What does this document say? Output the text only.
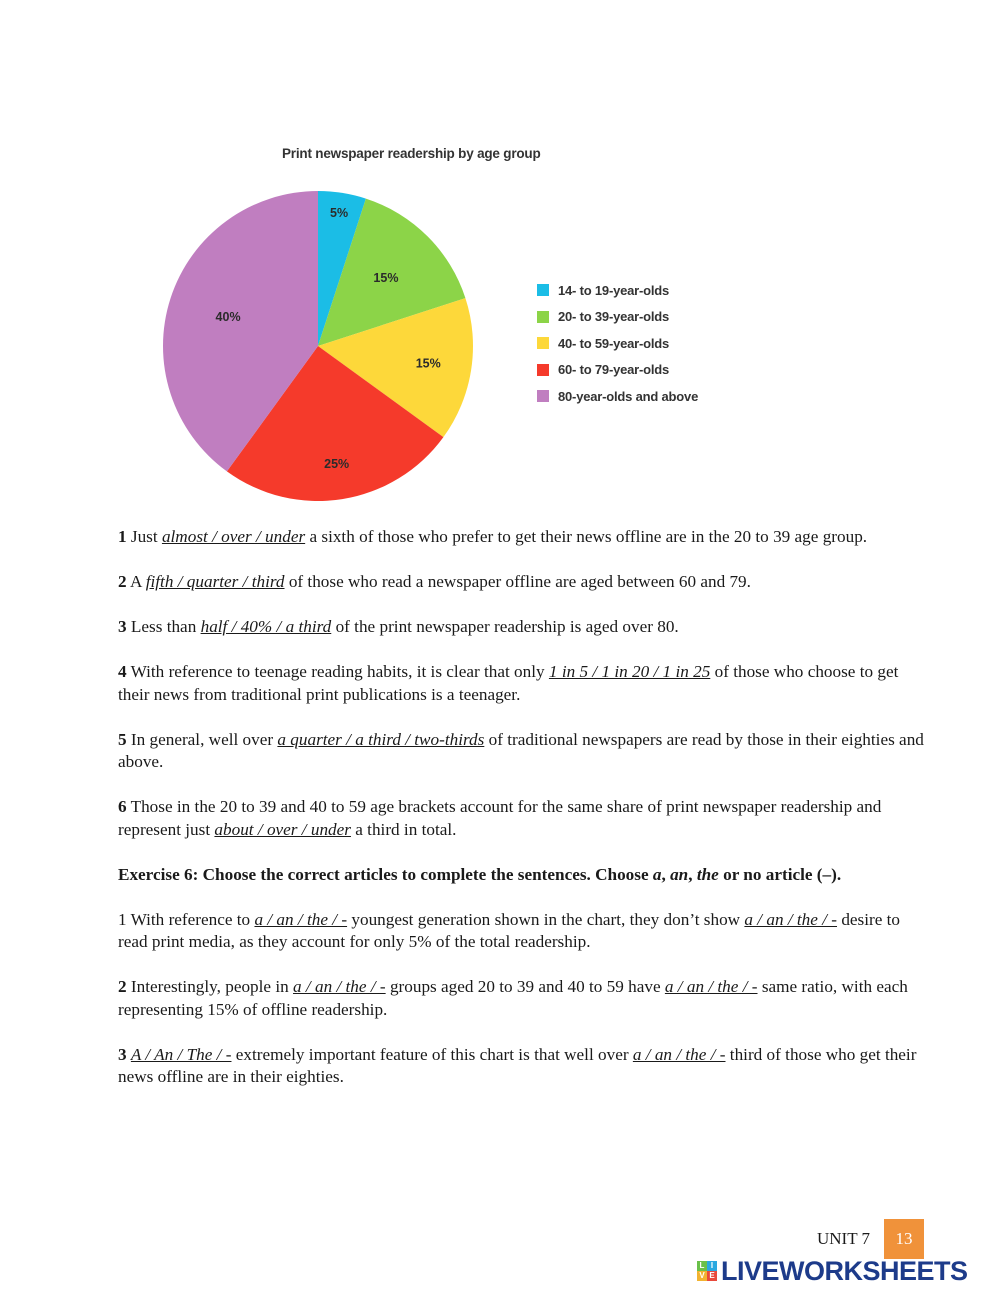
Print newspaper readership by age group
5%
15%
15%
25%
40%
14- to 19-year-olds
20- to 39-year-olds
40- to 59-year-olds
60- to 79-year-olds
80-year-olds and above

1 Just almost / over / under a sixth of those who prefer to get their news offline are in the 20 to 39 age group.

2 A fifth / quarter / third of those who read a newspaper offline are aged between 60 and 79.

3 Less than half / 40% / a third of the print newspaper readership is aged over 80.

4 With reference to teenage reading habits, it is clear that only 1 in 5 / 1 in 20 / 1 in 25 of those who choose to get their news from traditional print publications is a teenager.

5 In general, well over a quarter / a third / two-thirds of traditional newspapers are read by those in their eighties and above.

6 Those in the 20 to 39 and 40 to 59 age brackets account for the same share of print newspaper readership and represent just about / over / under a third in total.

Exercise 6: Choose the correct articles to complete the sentences. Choose a, an, the or no article (–).

1 With reference to a / an / the / - youngest generation shown in the chart, they don’t show a / an / the / - desire to read print media, as they account for only 5% of the total readership.

2 Interestingly, people in a / an / the / - groups aged 20 to 39 and 40 to 59 have a / an / the / - same ratio, with each representing 15% of offline readership.

3 A / An / The / - extremely important feature of this chart is that well over a / an / the / - third of those who get their news offline are in their eighties.

UNIT 7	13
L I
V E LIVEWORKSHEETS
